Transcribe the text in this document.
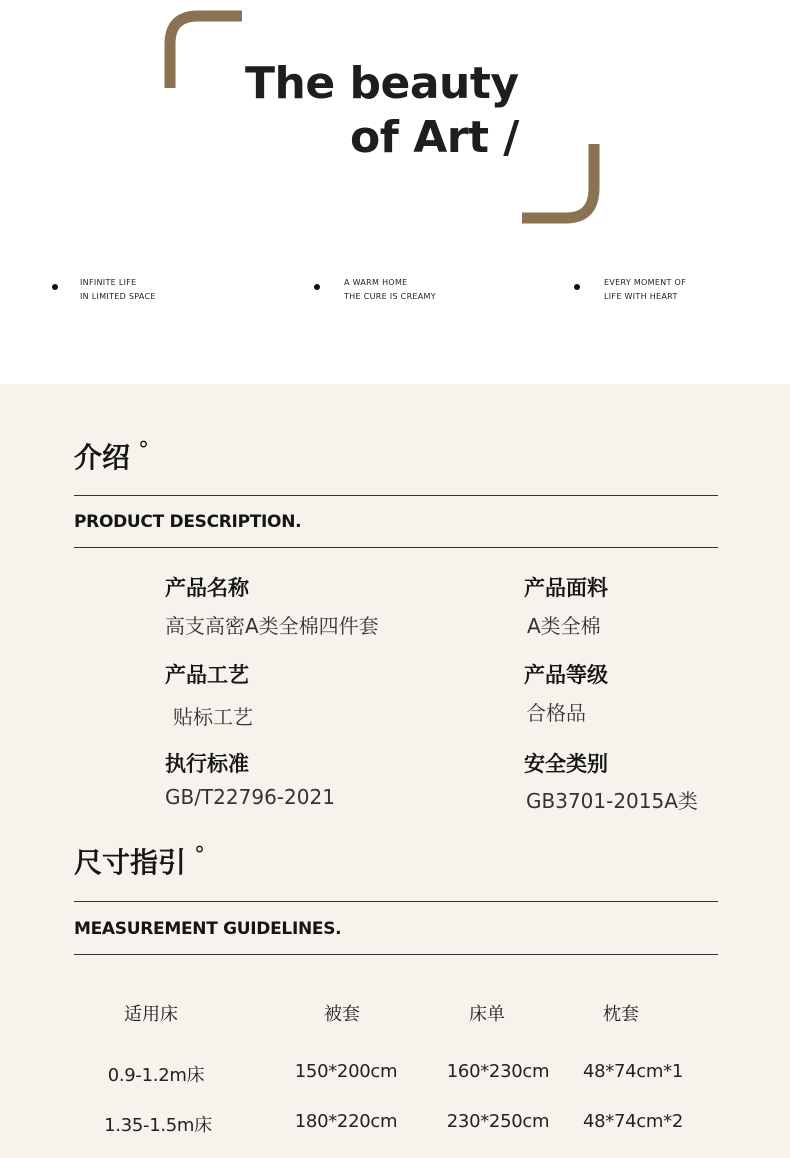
The beauty
of Art /
INFINITE LIFE
IN LIMITED SPACE
A WARM HOME
THE CURE IS CREAMY
EVERY MOMENT OF
LIFE WITH HEART
介绍 °
PRODUCT DESCRIPTION.
产品名称
高支高密A类全棉四件套
产品面料
A类全棉
产品工艺
贴标工艺
产品等级
合格品
执行标准
GB/T22796-2021
安全类别
GB3701-2015A类
尺寸指引 °
MEASUREMENT GUIDELINES.
适用床	被套	床单	枕套
0.9-1.2m床	150*200cm	160*230cm 48*74cm*1
1.35-1.5m床	180*220cm	230*250cm 48*74cm*2
